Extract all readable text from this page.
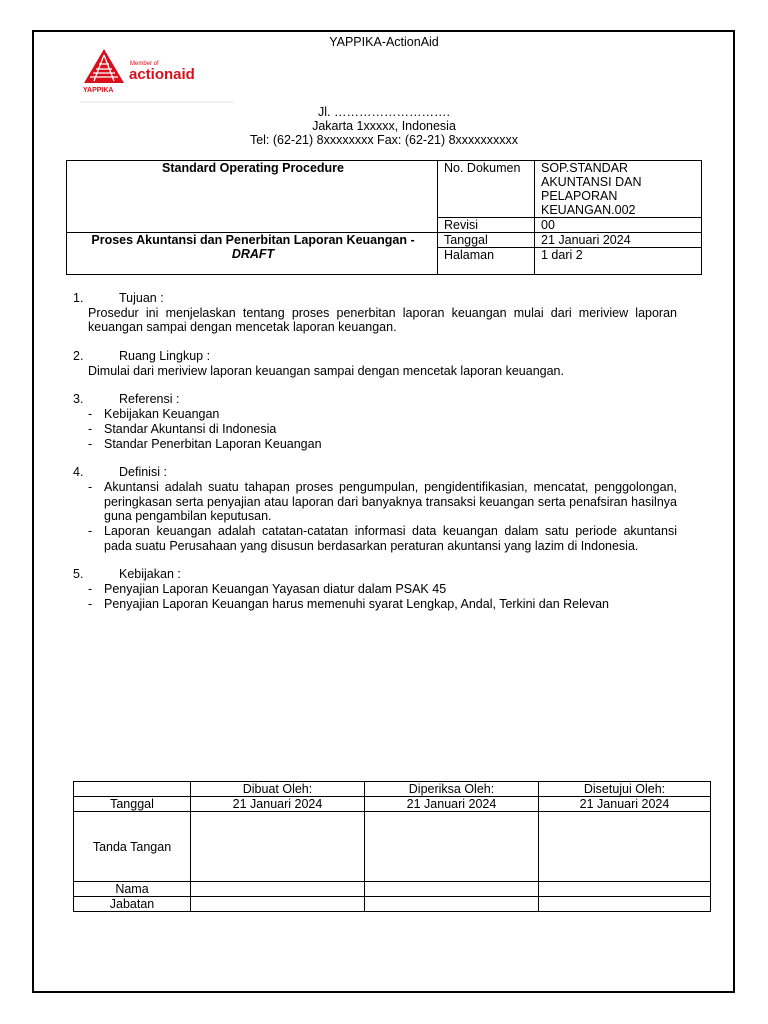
YAPPIKA-ActionAid
YAPPIKA
Member of
actionaid
Jl. ……………………….
Jakarta 1xxxxx, Indonesia
Tel: (62-21) 8xxxxxxxx Fax: (62-21) 8xxxxxxxxxx
Standard Operating Procedure	No. Dokumen	SOP.STANDAR AKUNTANSI DAN PELAPORAN KEUANGAN.002
	Revisi	00
Proses Akuntansi dan Penerbitan Laporan Keuangan -
DRAFT	Tanggal	21 Januari 2024
	Halaman	1 dari 2
1.	Tujuan :
Prosedur ini menjelaskan tentang proses penerbitan laporan keuangan mulai dari meriview laporan keuangan sampai dengan mencetak laporan keuangan.
2.	Ruang Lingkup :
Dimulai dari meriview laporan keuangan sampai dengan mencetak laporan keuangan.
3.	Referensi :
- Kebijakan Keuangan
- Standar Akuntansi di Indonesia
- Standar Penerbitan Laporan Keuangan
4.	Definisi :
- Akuntansi adalah suatu tahapan proses pengumpulan, pengidentifikasian, mencatat, penggolongan, peringkasan serta penyajian atau laporan dari banyaknya transaksi keuangan serta penafsiran hasilnya guna pengambilan keputusan.
- Laporan keuangan adalah catatan-catatan informasi data keuangan dalam satu periode akuntansi pada suatu Perusahaan yang disusun berdasarkan peraturan akuntansi yang lazim di Indonesia.
5.	Kebijakan :
- Penyajian Laporan Keuangan Yayasan diatur dalam PSAK 45
- Penyajian Laporan Keuangan harus memenuhi syarat Lengkap, Andal, Terkini dan Relevan
	Dibuat Oleh:	Diperiksa Oleh:	Disetujui Oleh:
Tanggal	21 Januari 2024	21 Januari 2024	21 Januari 2024
Tanda Tangan			
Nama			
Jabatan			
